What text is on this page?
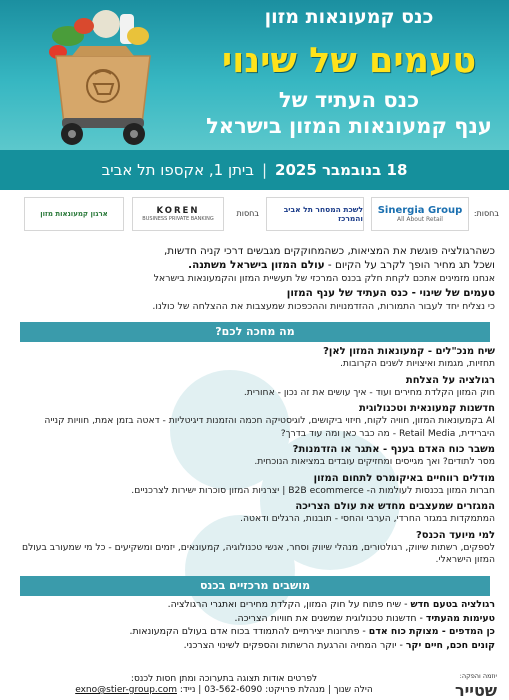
כנס קמעונאות מזון
טעמים של שינוי
כנס העתיד של
ענף קמעונאות המזון בישראל
18 בנובמבר 2025
|
ביתן 1, אקספו תל אביב
בחסות:
Sinergia Group
All About Retail
לשכת המסחר תל אביב והמרכז
בחסות
KOREN
BUSINESS PRIVATE BANKING
ארגון קמעונאות מזון

כשהרגולציה פוגשת את המציאות, כשהמחוקקים מגבשים דרכי קניה חדשות,

ושכל תג מחיר הופך לקרב על הקיום - עולם המזון בישראל משתנה.

אנחנו מזמינים אתכם לקחת חלק בכנס המרכזי של תעשיית המזון והקמעונאות בישראל

טעמים של שינוי - כנס העתיד של ענף המזון

כי נצליח יחד לעבור התמורות, ההזדמנויות וההכפכות שמעצבות את ההצלחה של כולנו.

מה מחכה לכם?
שיח מנכ"לים - קמעונאות המזון לאן?
תחזיות, מגמות ואיצויות לשנים הקרובות.
רגולציה על הצלחת
חוק המזון הקלדת מחירים ועוד - איך עושים את זה נכון - אחורית.
חדשנות קמעונאית וטכנולוגית
AI בקמעונאות המזון, חוויה לקוח, חיזוי ביקושים, לוגיסטיקה חכמה והזמנות דיגיטליות - דאטה בזמן אמת, חוויות קנייה היברידית, Retail Media - מה כבר כאן ומה עוד בדרך?
משבר כוח האדם בענף - אתגר או הזדמנות?
מסר לתודים? ואך מגייסים ומחזיקים עובדים במציאות הנוכחית.
מודלים רווחיים באיקומרס לתחום המזון
חברות המזון בכנסות לעולמות ה- B2B ecommerce | יצרניות המזון סוכרות ישירות לצרכניים.
המגזרים שמעצבים מחדש את עולם הצריכה
המתמקדות במגזר החרדי, הערבי והחסי - תובנות, הרגלים ודאטה.
למי מיועד הכנס?
לספקים, רשתות שיווק, רגולטורים, מנהלי שיווק וסחר, אנשי טכנולוגיה, קמעונאים, יזמים ומשקיעים - כל מי שמעורב בעולם המזון הישראלי.
מושבים מרכזיים בכנס
רגולציה בטעם חדש - שיח פתוח על חוק המזון, הקלדת מחירים ואתגרי הרגולציה.
טעימות מהעתיד - חדשנות טכנולוגית שמשנים את חוויות הצריכה.
כן המדפים - מצוקת כוח אדם - פתרונות יצירתיים להתמודד בכוח אדם בעולם הקמעונאות.
קונים חכם, חיים יקר - יוקר המחיה והרגעת הרשתות והספקים לשינוי הצרכני.
לפרטים אודות תצוגה בתערוכה ומתן חסות לכנס:
הילה שנוך | מנהלת פרויקט: 03-562-6090 | נייד: exno@stier-group.com
יוזמה והפקה:
שטייר
